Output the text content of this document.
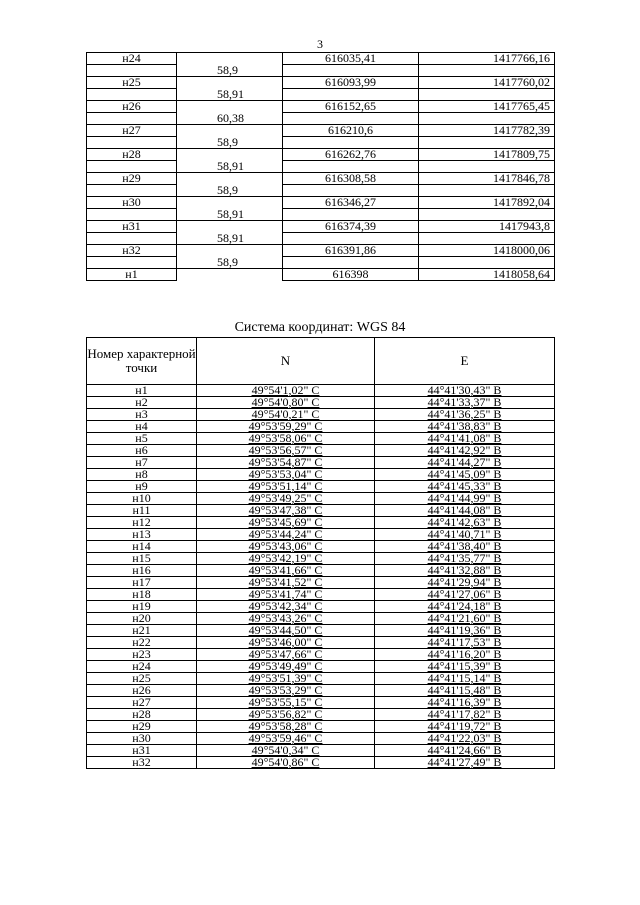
3
н24		616035,41	1417766,16
	58,9		
н25		616093,99	1417760,02
	58,91		
н26		616152,65	1417765,45
	60,38		
н27		616210,6	1417782,39
	58,9		
н28		616262,76	1417809,75
	58,91		
н29		616308,58	1417846,78
	58,9		
н30		616346,27	1417892,04
	58,91		
н31		616374,39	1417943,8
	58,91		
н32		616391,86	1418000,06
	58,9		
н1		616398	1418058,64
Система координат: WGS 84
Номер характерной точки	N	E
н1	49°54'1,02" С	44°41'30,43" В
н2	49°54'0,80" С	44°41'33,37" В
н3	49°54'0,21" С	44°41'36,25" В
н4	49°53'59,29" С	44°41'38,83" В
н5	49°53'58,06" С	44°41'41,08" В
н6	49°53'56,57" С	44°41'42,92" В
н7	49°53'54,87" С	44°41'44,27" В
н8	49°53'53,04" С	44°41'45,09" В
н9	49°53'51,14" С	44°41'45,33" В
н10	49°53'49,25" С	44°41'44,99" В
н11	49°53'47,38" С	44°41'44,08" В
н12	49°53'45,69" С	44°41'42,63" В
н13	49°53'44,24" С	44°41'40,71" В
н14	49°53'43,06" С	44°41'38,40" В
н15	49°53'42,19" С	44°41'35,77" В
н16	49°53'41,66" С	44°41'32,88" В
н17	49°53'41,52" С	44°41'29,94" В
н18	49°53'41,74" С	44°41'27,06" В
н19	49°53'42,34" С	44°41'24,18" В
н20	49°53'43,26" С	44°41'21,60" В
н21	49°53'44,50" С	44°41'19,36" В
н22	49°53'46,00" С	44°41'17,53" В
н23	49°53'47,66" С	44°41'16,20" В
н24	49°53'49,49" С	44°41'15,39" В
н25	49°53'51,39" С	44°41'15,14" В
н26	49°53'53,29" С	44°41'15,48" В
н27	49°53'55,15" С	44°41'16,39" В
н28	49°53'56,82" С	44°41'17,82" В
н29	49°53'58,28" С	44°41'19,72" В
н30	49°53'59,46" С	44°41'22,03" В
н31	49°54'0,34" С	44°41'24,66" В
н32	49°54'0,86" С	44°41'27,49" В
